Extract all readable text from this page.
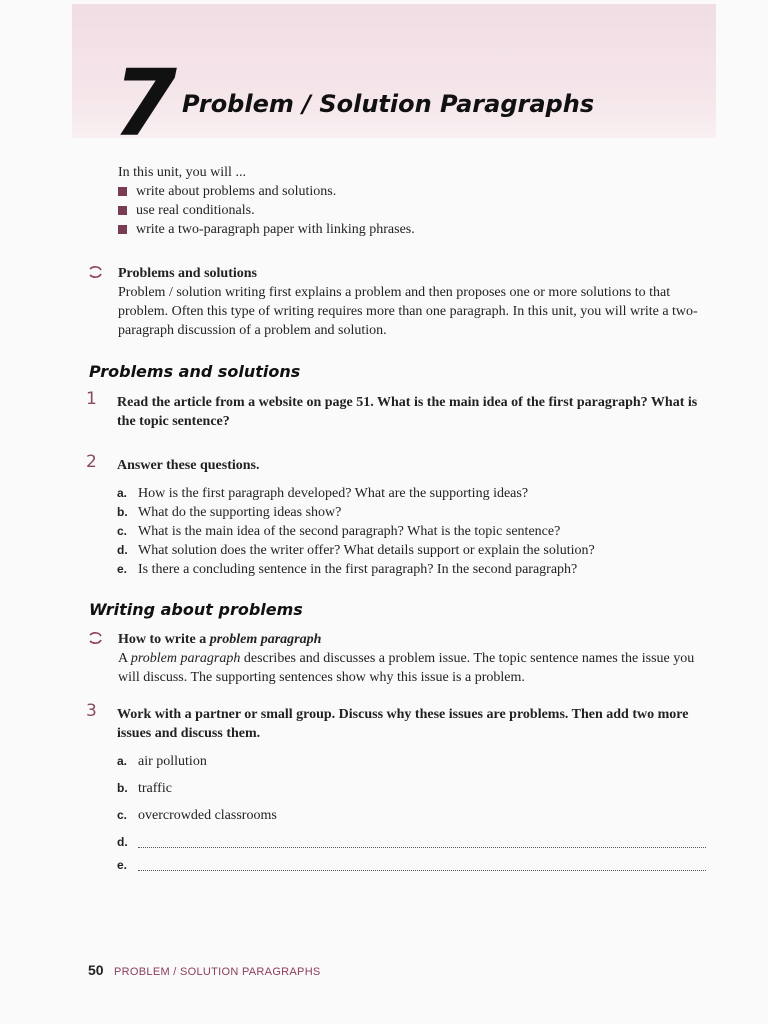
7 Problem / Solution Paragraphs
In this unit, you will ...
write about problems and solutions.
use real conditionals.
write a two-paragraph paper with linking phrases.
Problems and solutions
Problem / solution writing first explains a problem and then proposes one or more solutions to that problem. Often this type of writing requires more than one paragraph. In this unit, you will write a two-paragraph discussion of a problem and solution.
Problems and solutions
1 Read the article from a website on page 51. What is the main idea of the first paragraph? What is the topic sentence?
2 Answer these questions.
a. How is the first paragraph developed? What are the supporting ideas?
b. What do the supporting ideas show?
c. What is the main idea of the second paragraph? What is the topic sentence?
d. What solution does the writer offer? What details support or explain the solution?
e. Is there a concluding sentence in the first paragraph? In the second paragraph?
Writing about problems
How to write a problem paragraph
A problem paragraph describes and discusses a problem issue. The topic sentence names the issue you will discuss. The supporting sentences show why this issue is a problem.
3 Work with a partner or small group. Discuss why these issues are problems. Then add two more issues and discuss them.
a. air pollution
b. traffic
c. overcrowded classrooms
d.
e.
50 PROBLEM / SOLUTION PARAGRAPHS
